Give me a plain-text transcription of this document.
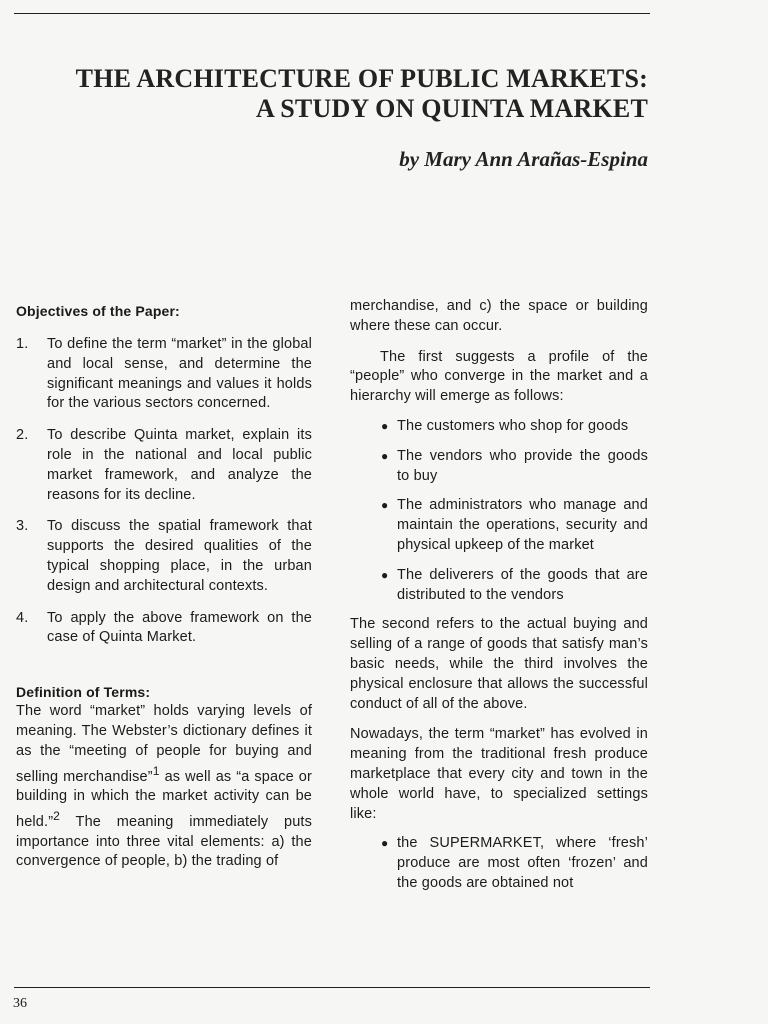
THE ARCHITECTURE OF PUBLIC MARKETS:
A STUDY ON QUINTA MARKET
by Mary Ann Arañas-Espina
Objectives of the Paper:
1.	To define the term “market” in the global and local sense, and determine the significant meanings and values it holds for the various sectors concerned.
2.	To describe Quinta market, explain its role in the national and local public market framework, and analyze the reasons for its decline.
3.	To discuss the spatial framework that supports the desired qualities of the typical shopping place, in the urban design and architectural contexts.
4.	To apply the above framework on the case of Quinta Market.
Definition of Terms:

The word “market” holds varying levels of meaning. The Webster’s dictionary defines it as the “meeting of people for buying and selling merchandise”$^1$ as well as “a space or building in which the market activity can be held.”$^2$ The meaning immediately puts importance into three vital elements: a) the convergence of people, b) the trading of

merchandise, and c) the space or building where these can occur.

The first suggests a profile of the “people” who converge in the market and a hierarchy will emerge as follows:

● The customers who shop for goods
● The vendors who provide the goods to buy
● The administrators who manage and maintain the operations, security and physical upkeep of the market
● The deliverers of the goods that are distributed to the vendors

The second refers to the actual buying and selling of a range of goods that satisfy man’s basic needs, while the third involves the physical enclosure that allows the successful conduct of all of the above.

Nowadays, the term “market” has evolved in meaning from the traditional fresh produce marketplace that every city and town in the whole world have, to specialized settings like:

● the SUPERMARKET, where ‘fresh’ produce are most often ‘frozen’ and the goods are obtained not
36
